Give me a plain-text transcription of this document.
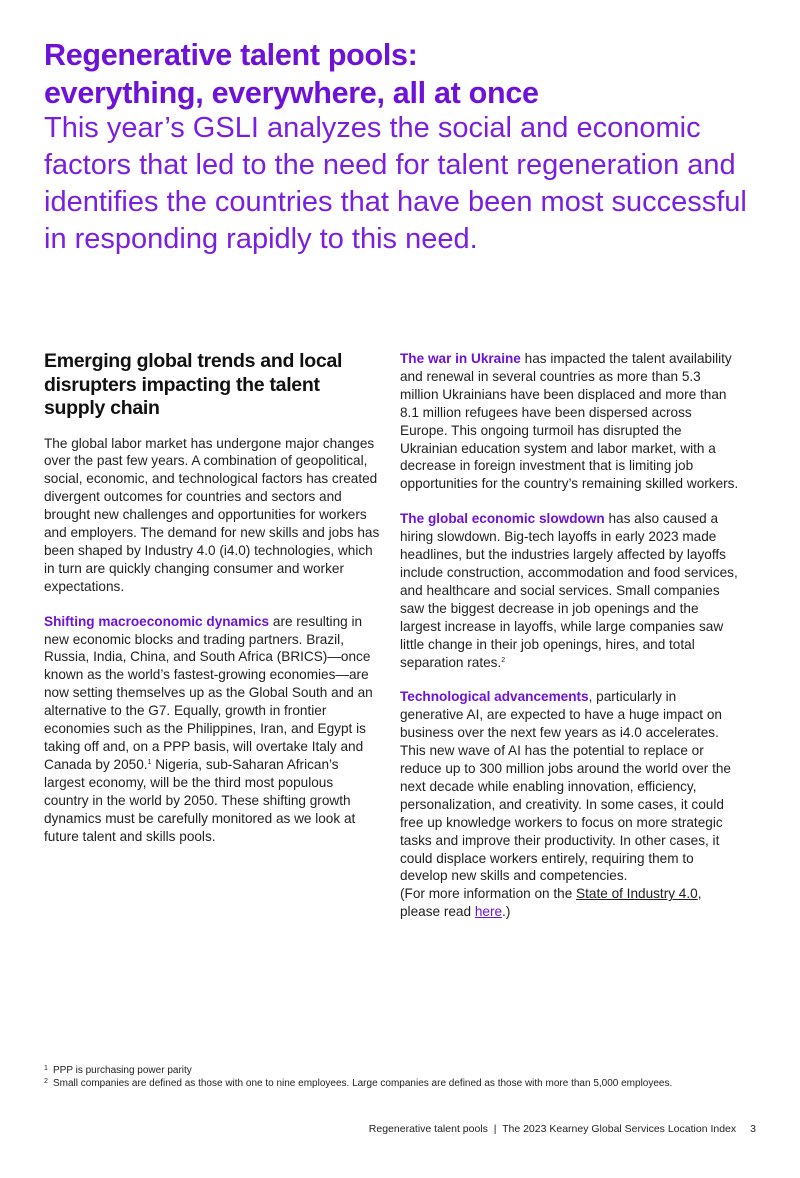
Regenerative talent pools:
everything, everywhere, all at once

This year’s GSLI analyzes the social and economic factors that led to the need for talent regeneration and identifies the countries that have been most successful in responding rapidly to this need.

Emerging global trends and local disrupters impacting the talent supply chain

The global labor market has undergone major changes over the past few years. A combination of geopolitical, social, economic, and technological factors has created divergent outcomes for countries and sectors and brought new challenges and opportunities for workers and employers. The demand for new skills and jobs has been shaped by Industry 4.0 (i4.0) technologies, which in turn are quickly changing consumer and worker expectations.

Shifting macroeconomic dynamics are resulting in new economic blocks and trading partners. Brazil, Russia, India, China, and South Africa (BRICS)—once known as the world’s fastest-growing economies—are now setting themselves up as the Global South and an alternative to the G7. Equally, growth in frontier economies such as the Philippines, Iran, and Egypt is taking off and, on a PPP basis, will overtake Italy and Canada by 2050.$^1$ Nigeria, sub-Saharan African’s largest economy, will be the third most populous country in the world by 2050. These shifting growth dynamics must be carefully monitored as we look at future talent and skills pools.

The war in Ukraine has impacted the talent availability and renewal in several countries as more than 5.3 million Ukrainians have been displaced and more than 8.1 million refugees have been dispersed across Europe. This ongoing turmoil has disrupted the Ukrainian education system and labor market, with a decrease in foreign investment that is limiting job opportunities for the country’s remaining skilled workers.

The global economic slowdown has also caused a hiring slowdown. Big-tech layoffs in early 2023 made headlines, but the industries largely affected by layoffs include construction, accommodation and food services, and healthcare and social services. Small companies saw the biggest decrease in job openings and the largest increase in layoffs, while large companies saw little change in their job openings, hires, and total separation rates.$^2$

Technological advancements, particularly in generative AI, are expected to have a huge impact on business over the next few years as i4.0 accelerates. This new wave of AI has the potential to replace or reduce up to 300 million jobs around the world over the next decade while enabling innovation, efficiency, personalization, and creativity. In some cases, it could free up knowledge workers to focus on more strategic tasks and improve their productivity. In other cases, it could displace workers entirely, requiring them to develop new skills and competencies.
(For more information on the State of Industry 4.0, please read here.)

1 PPP is purchasing power parity
2 Small companies are defined as those with one to nine employees. Large companies are defined as those with more than 5,000 employees.
Regenerative talent pools  |  The 2023 Kearney Global Services Location Index 3
